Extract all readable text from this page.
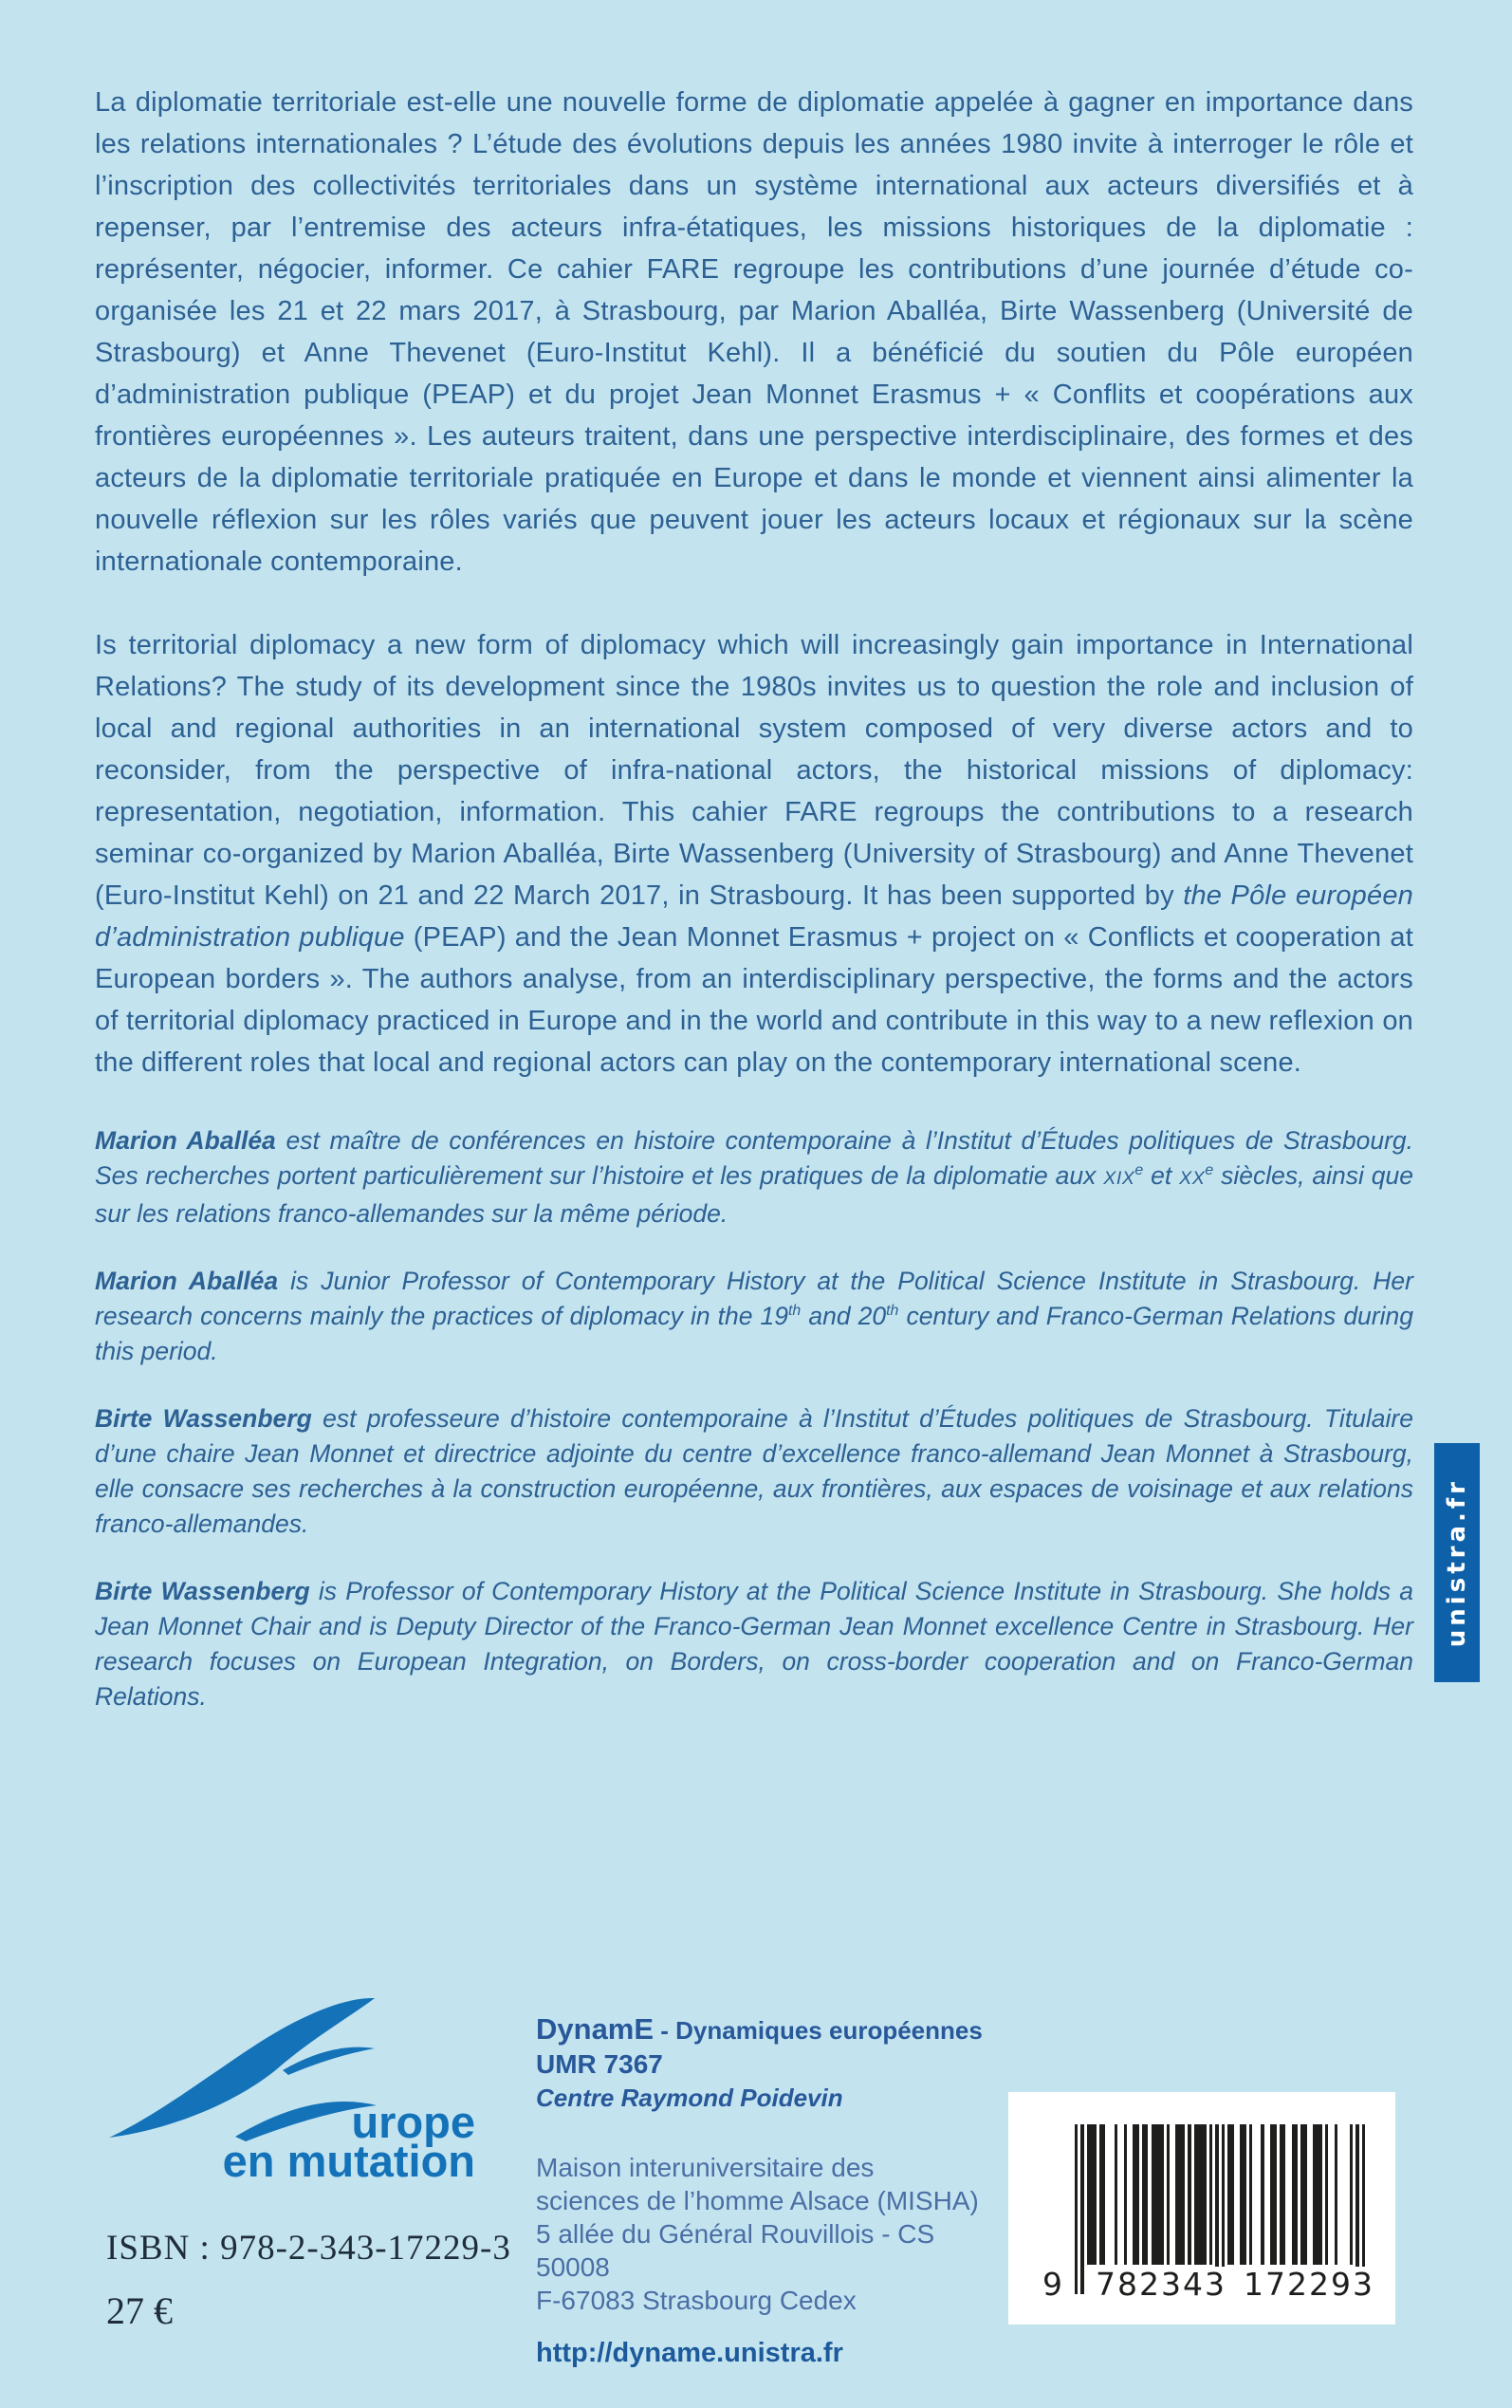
La diplomatie territoriale est-elle une nouvelle forme de diplomatie appelée à gagner en importance dans les relations internationales ? L’étude des évolutions depuis les années 1980 invite à interroger le rôle et l’inscription des collectivités territoriales dans un système international aux acteurs diversifiés et à repenser, par l’entremise des acteurs infra-étatiques, les missions historiques de la diplomatie : représenter, négocier, informer. Ce cahier FARE regroupe les contributions d’une journée d’étude co-organisée les 21 et 22 mars 2017, à Strasbourg, par Marion Aballéa, Birte Wassenberg (Université de Strasbourg) et Anne Thevenet (Euro-Institut Kehl). Il a bénéficié du soutien du Pôle européen d’administration publique (PEAP) et du projet Jean Monnet Erasmus + « Conflits et coopérations aux frontières européennes ». Les auteurs traitent, dans une perspective interdisciplinaire, des formes et des acteurs de la diplomatie territoriale pratiquée en Europe et dans le monde et viennent ainsi alimenter la nouvelle réflexion sur les rôles variés que peuvent jouer les acteurs locaux et régionaux sur la scène internationale contemporaine.

Is territorial diplomacy a new form of diplomacy which will increasingly gain importance in International Relations? The study of its development since the 1980s invites us to question the role and inclusion of local and regional authorities in an international system composed of very diverse actors and to reconsider, from the perspective of infra-national actors, the historical missions of diplomacy: representation, negotiation, information. This cahier FARE regroups the contributions to a research seminar co-organized by Marion Aballéa, Birte Wassenberg (University of Strasbourg) and Anne Thevenet (Euro-Institut Kehl) on 21 and 22 March 2017, in Strasbourg. It has been supported by the Pôle européen d’administration publique (PEAP) and the Jean Monnet Erasmus + project on « Conflicts et cooperation at European borders ». The authors analyse, from an interdisciplinary perspective, the forms and the actors of territorial diplomacy practiced in Europe and in the world and contribute in this way to a new reflexion on the different roles that local and regional actors can play on the contemporary international scene.

Marion Aballéa est maître de conférences en histoire contemporaine à l’Institut d’Études politiques de Strasbourg. Ses recherches portent particulièrement sur l’histoire et les pratiques de la diplomatie aux XIXe et XXe siècles, ainsi que sur les relations franco-allemandes sur la même période.

Marion Aballéa is Junior Professor of Contemporary History at the Political Science Institute in Strasbourg. Her research concerns mainly the practices of diplomacy in the 19th and 20th century and Franco-German Relations during this period.

Birte Wassenberg est professeure d’histoire contemporaine à l’Institut d’Études politiques de Strasbourg. Titulaire d’une chaire Jean Monnet et directrice adjointe du centre d’excellence franco-allemand Jean Monnet à Strasbourg, elle consacre ses recherches à la construction européenne, aux frontières, aux espaces de voisinage et aux relations franco-allemandes.

Birte Wassenberg is Professor of Contemporary History at the Political Science Institute in Strasbourg. She holds a Jean Monnet Chair and is Deputy Director of the Franco-German Jean Monnet excellence Centre in Strasbourg. Her research focuses on European Integration, on Borders, on cross-border cooperation and on Franco-German Relations.

urope
en mutation
ISBN : 978-2-343-17229-3
27 €
DynamE - Dynamiques européennes
UMR 7367
Centre Raymond Poidevin
Maison interuniversitaire des
sciences de l’homme Alsace (MISHA)
5 allée du Général Rouvillois - CS 50008
F-67083 Strasbourg Cedex
http://dyname.unistra.fr
9 782343 172293
unistra.fr
